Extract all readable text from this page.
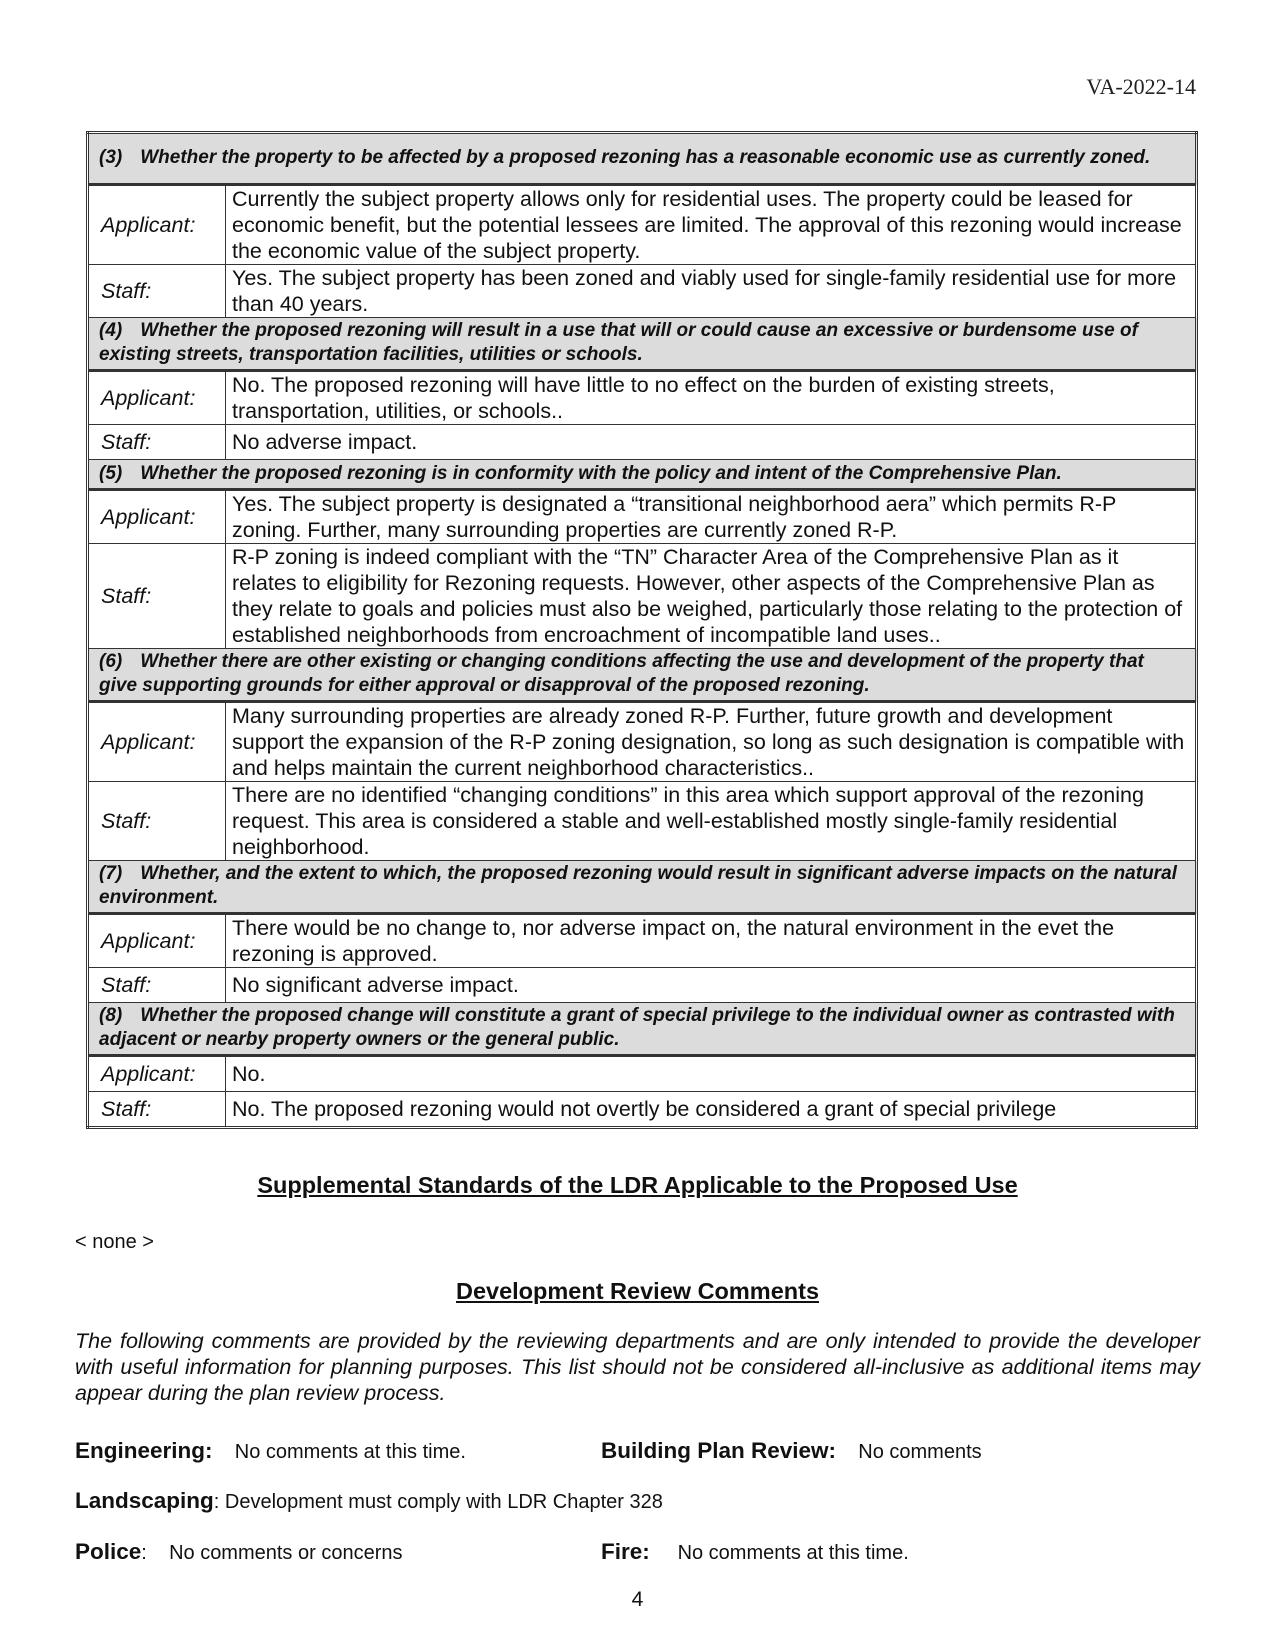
VA-2022-14
(3) Whether the property to be affected by a proposed rezoning has a reasonable economic use as currently zoned.	
Applicant:	Currently the subject property allows only for residential uses. The property could be leased for economic benefit, but the potential lessees are limited. The approval of this rezoning would increase the economic value of the subject property.
Staff:	Yes. The subject property has been zoned and viably used for single-family residential use for more than 40 years.
(4) Whether the proposed rezoning will result in a use that will or could cause an excessive or burdensome use of existing streets, transportation facilities, utilities or schools.	
Applicant:	No. The proposed rezoning will have little to no effect on the burden of existing streets, transportation, utilities, or schools..
Staff:	No adverse impact.
(5) Whether the proposed rezoning is in conformity with the policy and intent of the Comprehensive Plan.	
Applicant:	Yes. The subject property is designated a “transitional neighborhood aera” which permits R-P zoning. Further, many surrounding properties are currently zoned R-P.
Staff:	R-P zoning is indeed compliant with the “TN” Character Area of the Comprehensive Plan as it relates to eligibility for Rezoning requests. However, other aspects of the Comprehensive Plan as they relate to goals and policies must also be weighed, particularly those relating to the protection of established neighborhoods from encroachment of incompatible land uses..
(6) Whether there are other existing or changing conditions affecting the use and development of the property that give supporting grounds for either approval or disapproval of the proposed rezoning.	
Applicant:	Many surrounding properties are already zoned R-P. Further, future growth and development support the expansion of the R-P zoning designation, so long as such designation is compatible with and helps maintain the current neighborhood characteristics..
Staff:	There are no identified “changing conditions” in this area which support approval of the rezoning request. This area is considered a stable and well-established mostly single-family residential neighborhood.
(7) Whether, and the extent to which, the proposed rezoning would result in significant adverse impacts on the natural environment.	
Applicant:	There would be no change to, nor adverse impact on, the natural environment in the evet the rezoning is approved.
Staff:	No significant adverse impact.
(8) Whether the proposed change will constitute a grant of special privilege to the individual owner as contrasted with adjacent or nearby property owners or the general public.	
Applicant:	No.
Staff:	No. The proposed rezoning would not overtly be considered a grant of special privilege
Supplemental Standards of the LDR Applicable to the Proposed Use
< none >
Development Review Comments
The following comments are provided by the reviewing departments and are only intended to provide the developer with useful information for planning purposes. This list should not be considered all-inclusive as additional items may appear during the plan review process.
Engineering: No comments at this time.	Building Plan Review: No comments
Landscaping: Development must comply with LDR Chapter 328
Police:    No comments or concerns	Fire: No comments at this time.
4
